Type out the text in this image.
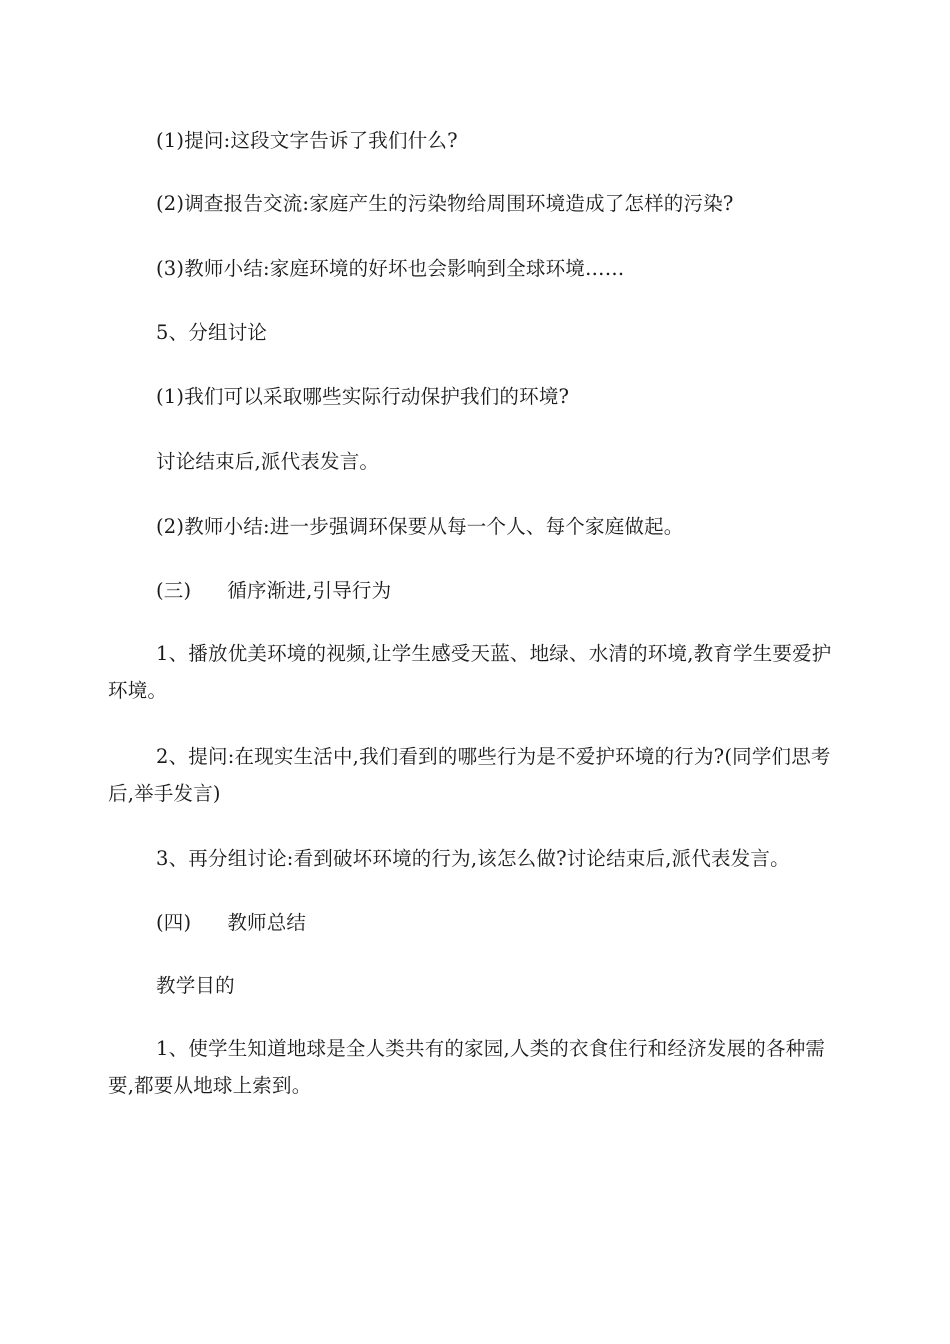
(1)提问:这段文字告诉了我们什么?

(2)调查报告交流:家庭产生的污染物给周围环境造成了怎样的污染?

(3)教师小结:家庭环境的好坏也会影响到全球环境……

5、分组讨论

(1)我们可以采取哪些实际行动保护我们的环境?

讨论结束后,派代表发言。

(2)教师小结:进一步强调环保要从每一个人、每个家庭做起。

(三) 循序渐进,引导行为

1、播放优美环境的视频,让学生感受天蓝、地绿、水清的环境,教育学生要爱护环境。

2、提问:在现实生活中,我们看到的哪些行为是不爱护环境的行为?(同学们思考后,举手发言)

3、再分组讨论:看到破坏环境的行为,该怎么做?讨论结束后,派代表发言。

(四) 教师总结

教学目的

1、使学生知道地球是全人类共有的家园,人类的衣食住行和经济发展的各种需要,都要从地球上索到。
